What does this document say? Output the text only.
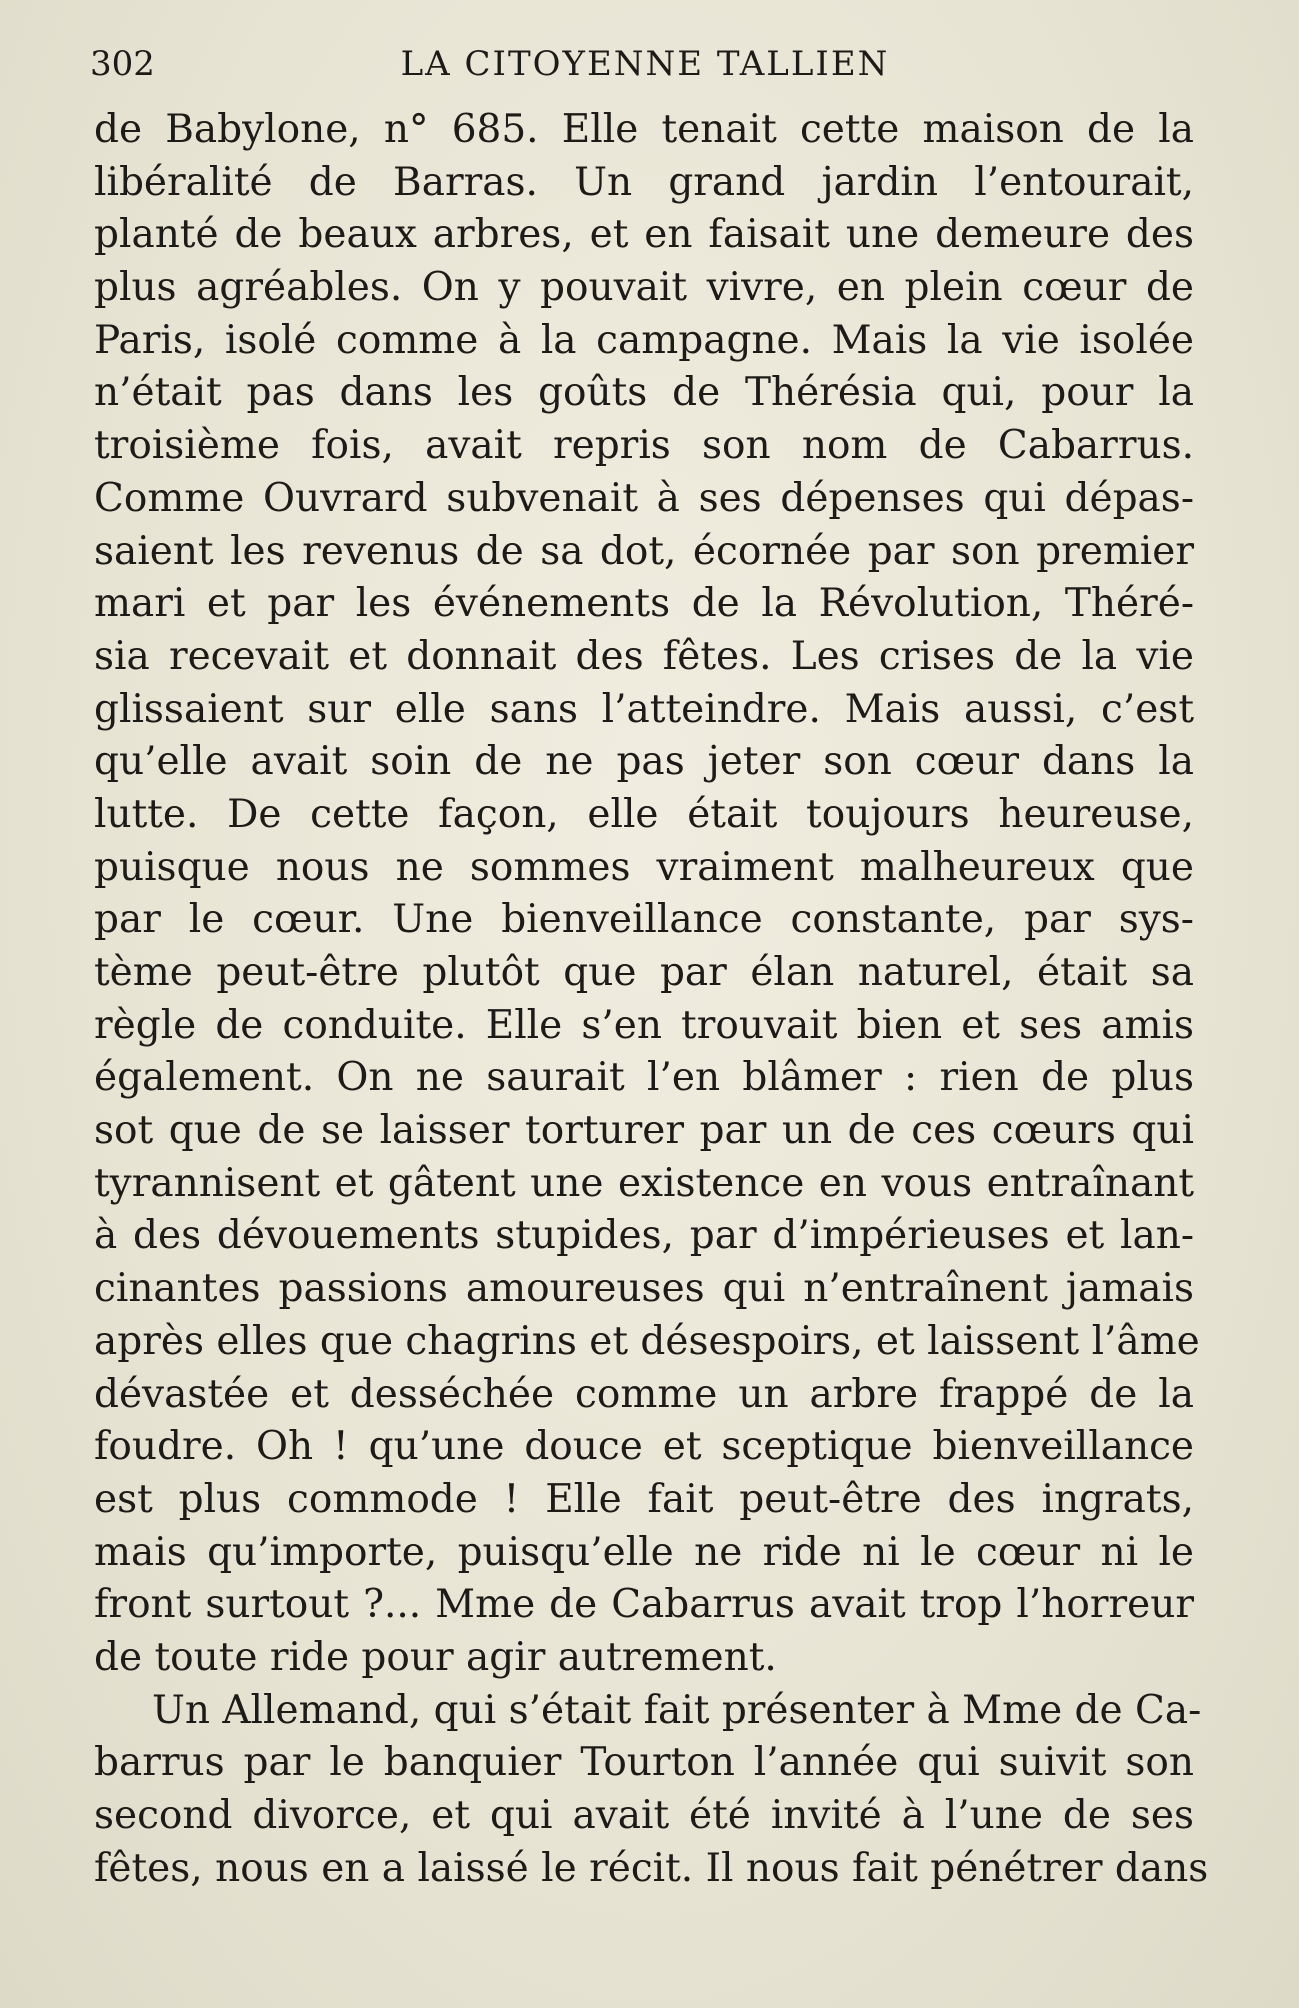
302	LA CITOYENNE TALLIEN
de Babylone, n° 685. Elle tenait cette maison de la
libéralité de Barras. Un grand jardin l’entourait,
planté de beaux arbres, et en faisait une demeure des
plus agréables. On y pouvait vivre, en plein cœur de
Paris, isolé comme à la campagne. Mais la vie isolée
n’était pas dans les goûts de Thérésia qui, pour la
troisième fois, avait repris son nom de Cabarrus.
Comme Ouvrard subvenait à ses dépenses qui dépas-
saient les revenus de sa dot, écornée par son premier
mari et par les événements de la Révolution, Théré-
sia recevait et donnait des fêtes. Les crises de la vie
glissaient sur elle sans l’atteindre. Mais aussi, c’est
qu’elle avait soin de ne pas jeter son cœur dans la
lutte. De cette façon, elle était toujours heureuse,
puisque nous ne sommes vraiment malheureux que
par le cœur. Une bienveillance constante, par sys-
tème peut-être plutôt que par élan naturel, était sa
règle de conduite. Elle s’en trouvait bien et ses amis
également. On ne saurait l’en blâmer : rien de plus
sot que de se laisser torturer par un de ces cœurs qui
tyrannisent et gâtent une existence en vous entraînant
à des dévouements stupides, par d’impérieuses et lan-
cinantes passions amoureuses qui n’entraînent jamais
après elles que chagrins et désespoirs, et laissent l’âme
dévastée et desséchée comme un arbre frappé de la
foudre. Oh ! qu’une douce et sceptique bienveillance
est plus commode ! Elle fait peut-être des ingrats,
mais qu’importe, puisqu’elle ne ride ni le cœur ni le
front surtout ?... Mme de Cabarrus avait trop l’horreur
de toute ride pour agir autrement.
Un Allemand, qui s’était fait présenter à Mme de Ca-
barrus par le banquier Tourton l’année qui suivit son
second divorce, et qui avait été invité à l’une de ses
fêtes, nous en a laissé le récit. Il nous fait pénétrer dans
